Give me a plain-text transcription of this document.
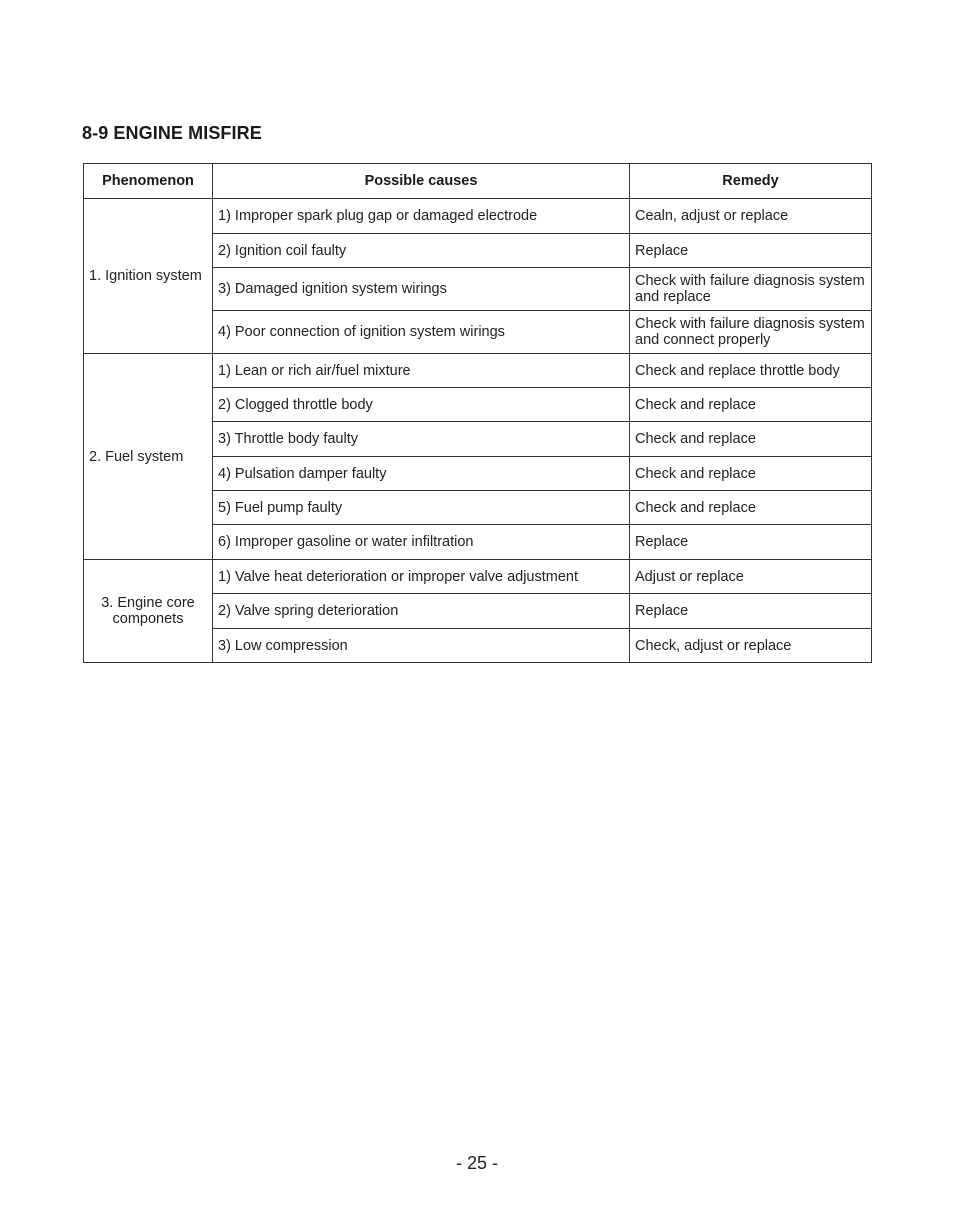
8-9 ENGINE MISFIRE
Phenomenon	Possible causes	Remedy
1. Ignition system	1) Improper spark plug gap or damaged electrode	Cealn, adjust or replace
	2) Ignition coil faulty	Replace
	3) Damaged ignition system wirings	Check with failure diagnosis system and replace
	4) Poor connection of ignition system wirings	Check with failure diagnosis system and connect properly
2. Fuel system	1) Lean or rich air/fuel mixture	Check and replace throttle body
	2) Clogged throttle body	Check and replace
	3) Throttle body faulty	Check and replace
	4) Pulsation damper faulty	Check and replace
	5) Fuel pump faulty	Check and replace
	6) Improper gasoline or water infiltration	Replace
3. Engine core componets	1) Valve heat deterioration or improper valve adjustment	Adjust or replace
	2) Valve spring deterioration	Replace
	3) Low compression	Check, adjust or replace
- 25 -
